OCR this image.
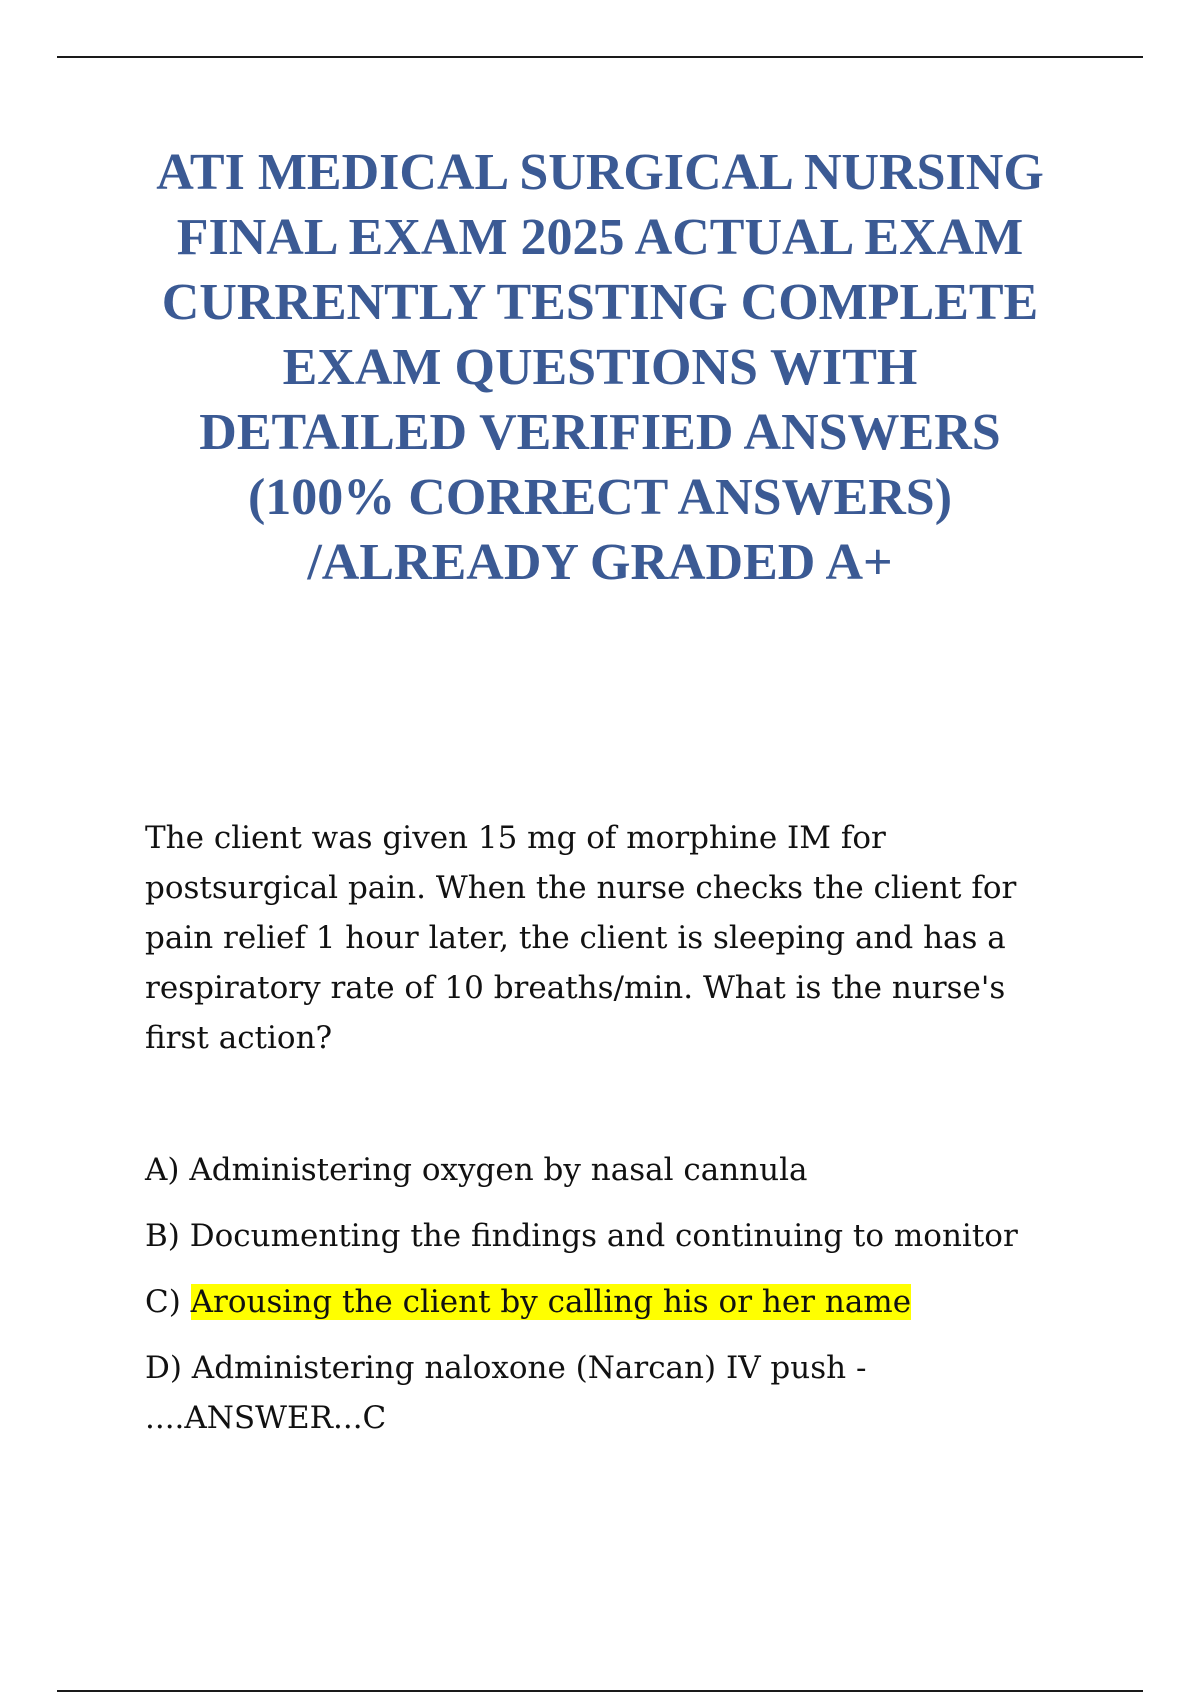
ATI MEDICAL SURGICAL NURSING
FINAL EXAM 2025 ACTUAL EXAM
CURRENTLY TESTING COMPLETE
EXAM QUESTIONS WITH
DETAILED VERIFIED ANSWERS
(100% CORRECT ANSWERS)
/ALREADY GRADED A+

The client was given 15 mg of morphine IM for
postsurgical pain. When the nurse checks the client for
pain relief 1 hour later, the client is sleeping and has a
respiratory rate of 10 breaths/min. What is the nurse's
first action?

A) Administering oxygen by nasal cannula
B) Documenting the findings and continuing to monitor
C) Arousing the client by calling his or her name
D) Administering naloxone (Narcan) IV push -
....ANSWER...C
